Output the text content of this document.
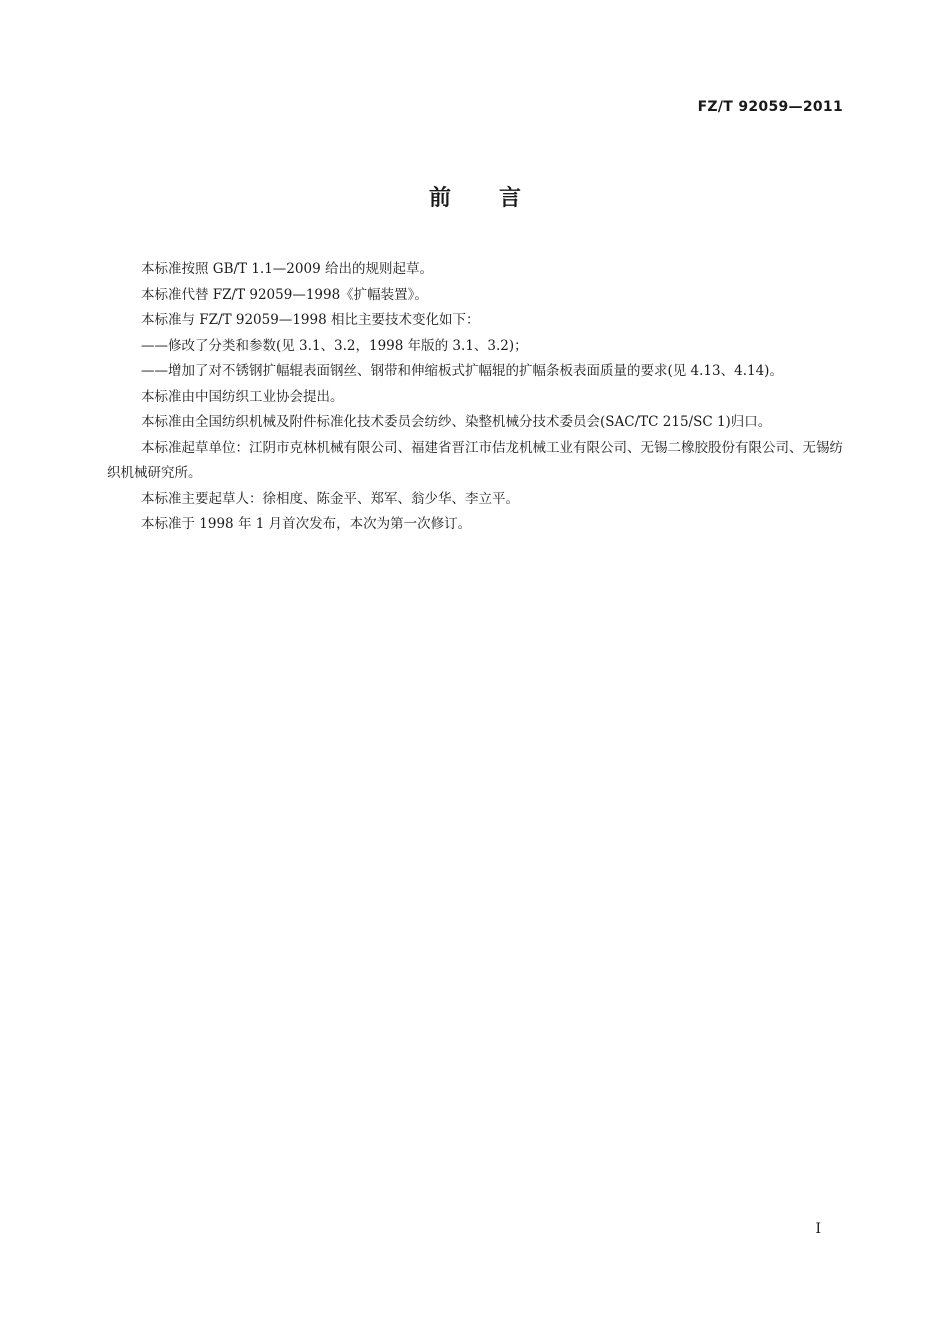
FZ/T 92059—2011
前言

本标准按照 GB/T 1.1—2009 给出的规则起草。

本标准代替 FZ/T 92059—1998《扩幅装置》。

本标准与 FZ/T 92059—1998 相比主要技术变化如下：

——修改了分类和参数(见 3.1、3.2，1998 年版的 3.1、3.2)；

——增加了对不锈钢扩幅辊表面钢丝、钢带和伸缩板式扩幅辊的扩幅条板表面质量的要求(见 4.13、4.14)。

本标准由中国纺织工业协会提出。

本标准由全国纺织机械及附件标准化技术委员会纺纱、染整机械分技术委员会(SAC/TC 215/SC 1)归口。

本标准起草单位：江阴市克林机械有限公司、福建省晋江市佶龙机械工业有限公司、无锡二橡胶股份有限公司、无锡纺织机械研究所。

本标准主要起草人：徐相度、陈金平、郑军、翁少华、李立平。

本标准于 1998 年 1 月首次发布，本次为第一次修订。

I
